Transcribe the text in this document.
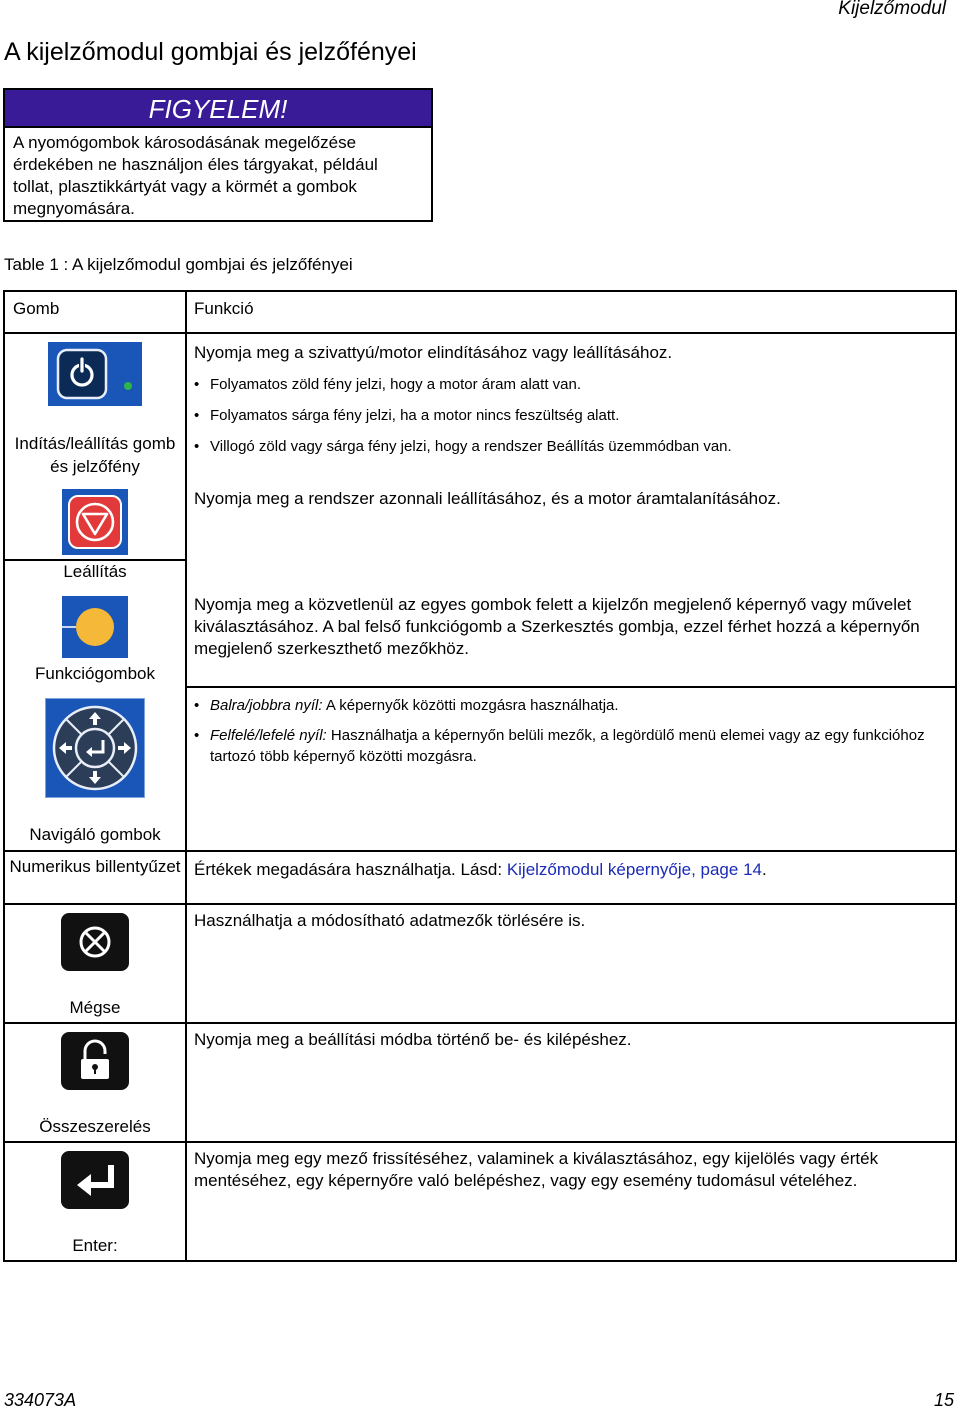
Kijelzőmodul
A kijelzőmodul gombjai és jelzőfényei
FIGYELEM!
A nyomógombok károsodásának megelőzése érdekében ne használjon éles tárgyakat, például tollat, plasztikkártyát vagy a körmét a gombok megnyomására.
Table 1 : A kijelzőmodul gombjai és jelzőfényei
Gomb	Funkció
Indítás/leállítás gomb és jelzőfény
Leállítás
Funkciógombok
Navigáló gombok
Numerikus billentyűzet
Mégse
Összeszerelés
Enter:
Nyomja meg a szivattyú/motor elindításához vagy leállításához.
• Folyamatos zöld fény jelzi, hogy a motor áram alatt van.
• Folyamatos sárga fény jelzi, ha a motor nincs feszültség alatt.
• Villogó zöld vagy sárga fény jelzi, hogy a rendszer Beállítás üzemmódban van.
Nyomja meg a rendszer azonnali leállításához, és a motor áramtalanításához.
Nyomja meg a közvetlenül az egyes gombok felett a kijelzőn megjelenő képernyő vagy művelet kiválasztásához. A bal felső funkciógomb a Szerkesztés gombja, ezzel férhet hozzá a képernyőn megjelenő szerkeszthető mezőkhöz.
• Balra/jobbra nyíl: A képernyők közötti mozgásra használhatja.
• Felfelé/lefelé nyíl: Használhatja a képernyőn belüli mezők, a legördülő menü elemei vagy az egy funkcióhoz tartozó több képernyő közötti mozgásra.
Értékek megadására használhatja. Lásd: Kijelzőmodul képernyője, page 14.
Használhatja a módosítható adatmezők törlésére is.
Nyomja meg a beállítási módba történő be- és kilépéshez.
Nyomja meg egy mező frissítéséhez, valaminek a kiválasztásához, egy kijelölés vagy érték mentéséhez, egy képernyőre való belépéshez, vagy egy esemény tudomásul vételéhez.
334073A	15
